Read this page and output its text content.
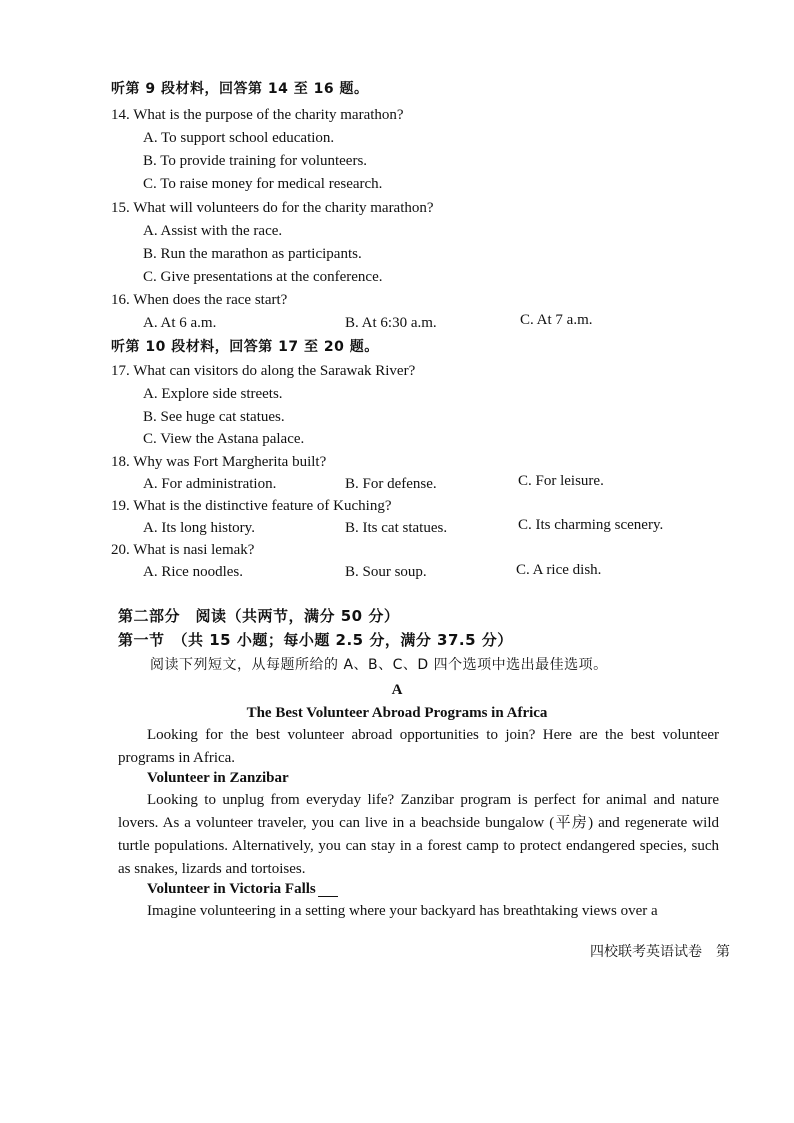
听第 9 段材料，回答第 14 至 16 题。
14. What is the purpose of the charity marathon?
A. To support school education.
B. To provide training for volunteers.
C. To raise money for medical research.
15. What will volunteers do for the charity marathon?
A. Assist with the race.
B. Run the marathon as participants.
C. Give presentations at the conference.
16. When does the race start?
A. At 6 a.m.	B. At 6:30 a.m.	C. At 7 a.m.
听第 10 段材料，回答第 17 至 20 题。
17. What can visitors do along the Sarawak River?
A. Explore side streets.
B. See huge cat statues.
C. View the Astana palace.
18. Why was Fort Margherita built?
A. For administration.	B. For defense.	C. For leisure.
19. What is the distinctive feature of Kuching?
A. Its long history.	B. Its cat statues.	C. Its charming scenery.
20. What is nasi lemak?
A. Rice noodles.	B. Sour soup.	C. A rice dish.
第二部分　阅读（共两节，满分 50 分）
第一节　（共 15 小题；每小题 2.5 分，满分 37.5 分）
阅读下列短文，从每题所给的 A、B、C、D 四个选项中选出最佳选项。
A
The Best Volunteer Abroad Programs in Africa
Looking for the best volunteer abroad opportunities to join? Here are the best volunteer programs in Africa.
Volunteer in Zanzibar
Looking to unplug from everyday life? Zanzibar program is perfect for animal and nature lovers. As a volunteer traveler, you can live in a beachside bungalow (平房) and regenerate wild turtle populations. Alternatively, you can stay in a forest camp to protect endangered species, such as snakes, lizards and tortoises.
Volunteer in Victoria Falls
Imagine volunteering in a setting where your backyard has breathtaking views over a
四校联考英语试卷　第
